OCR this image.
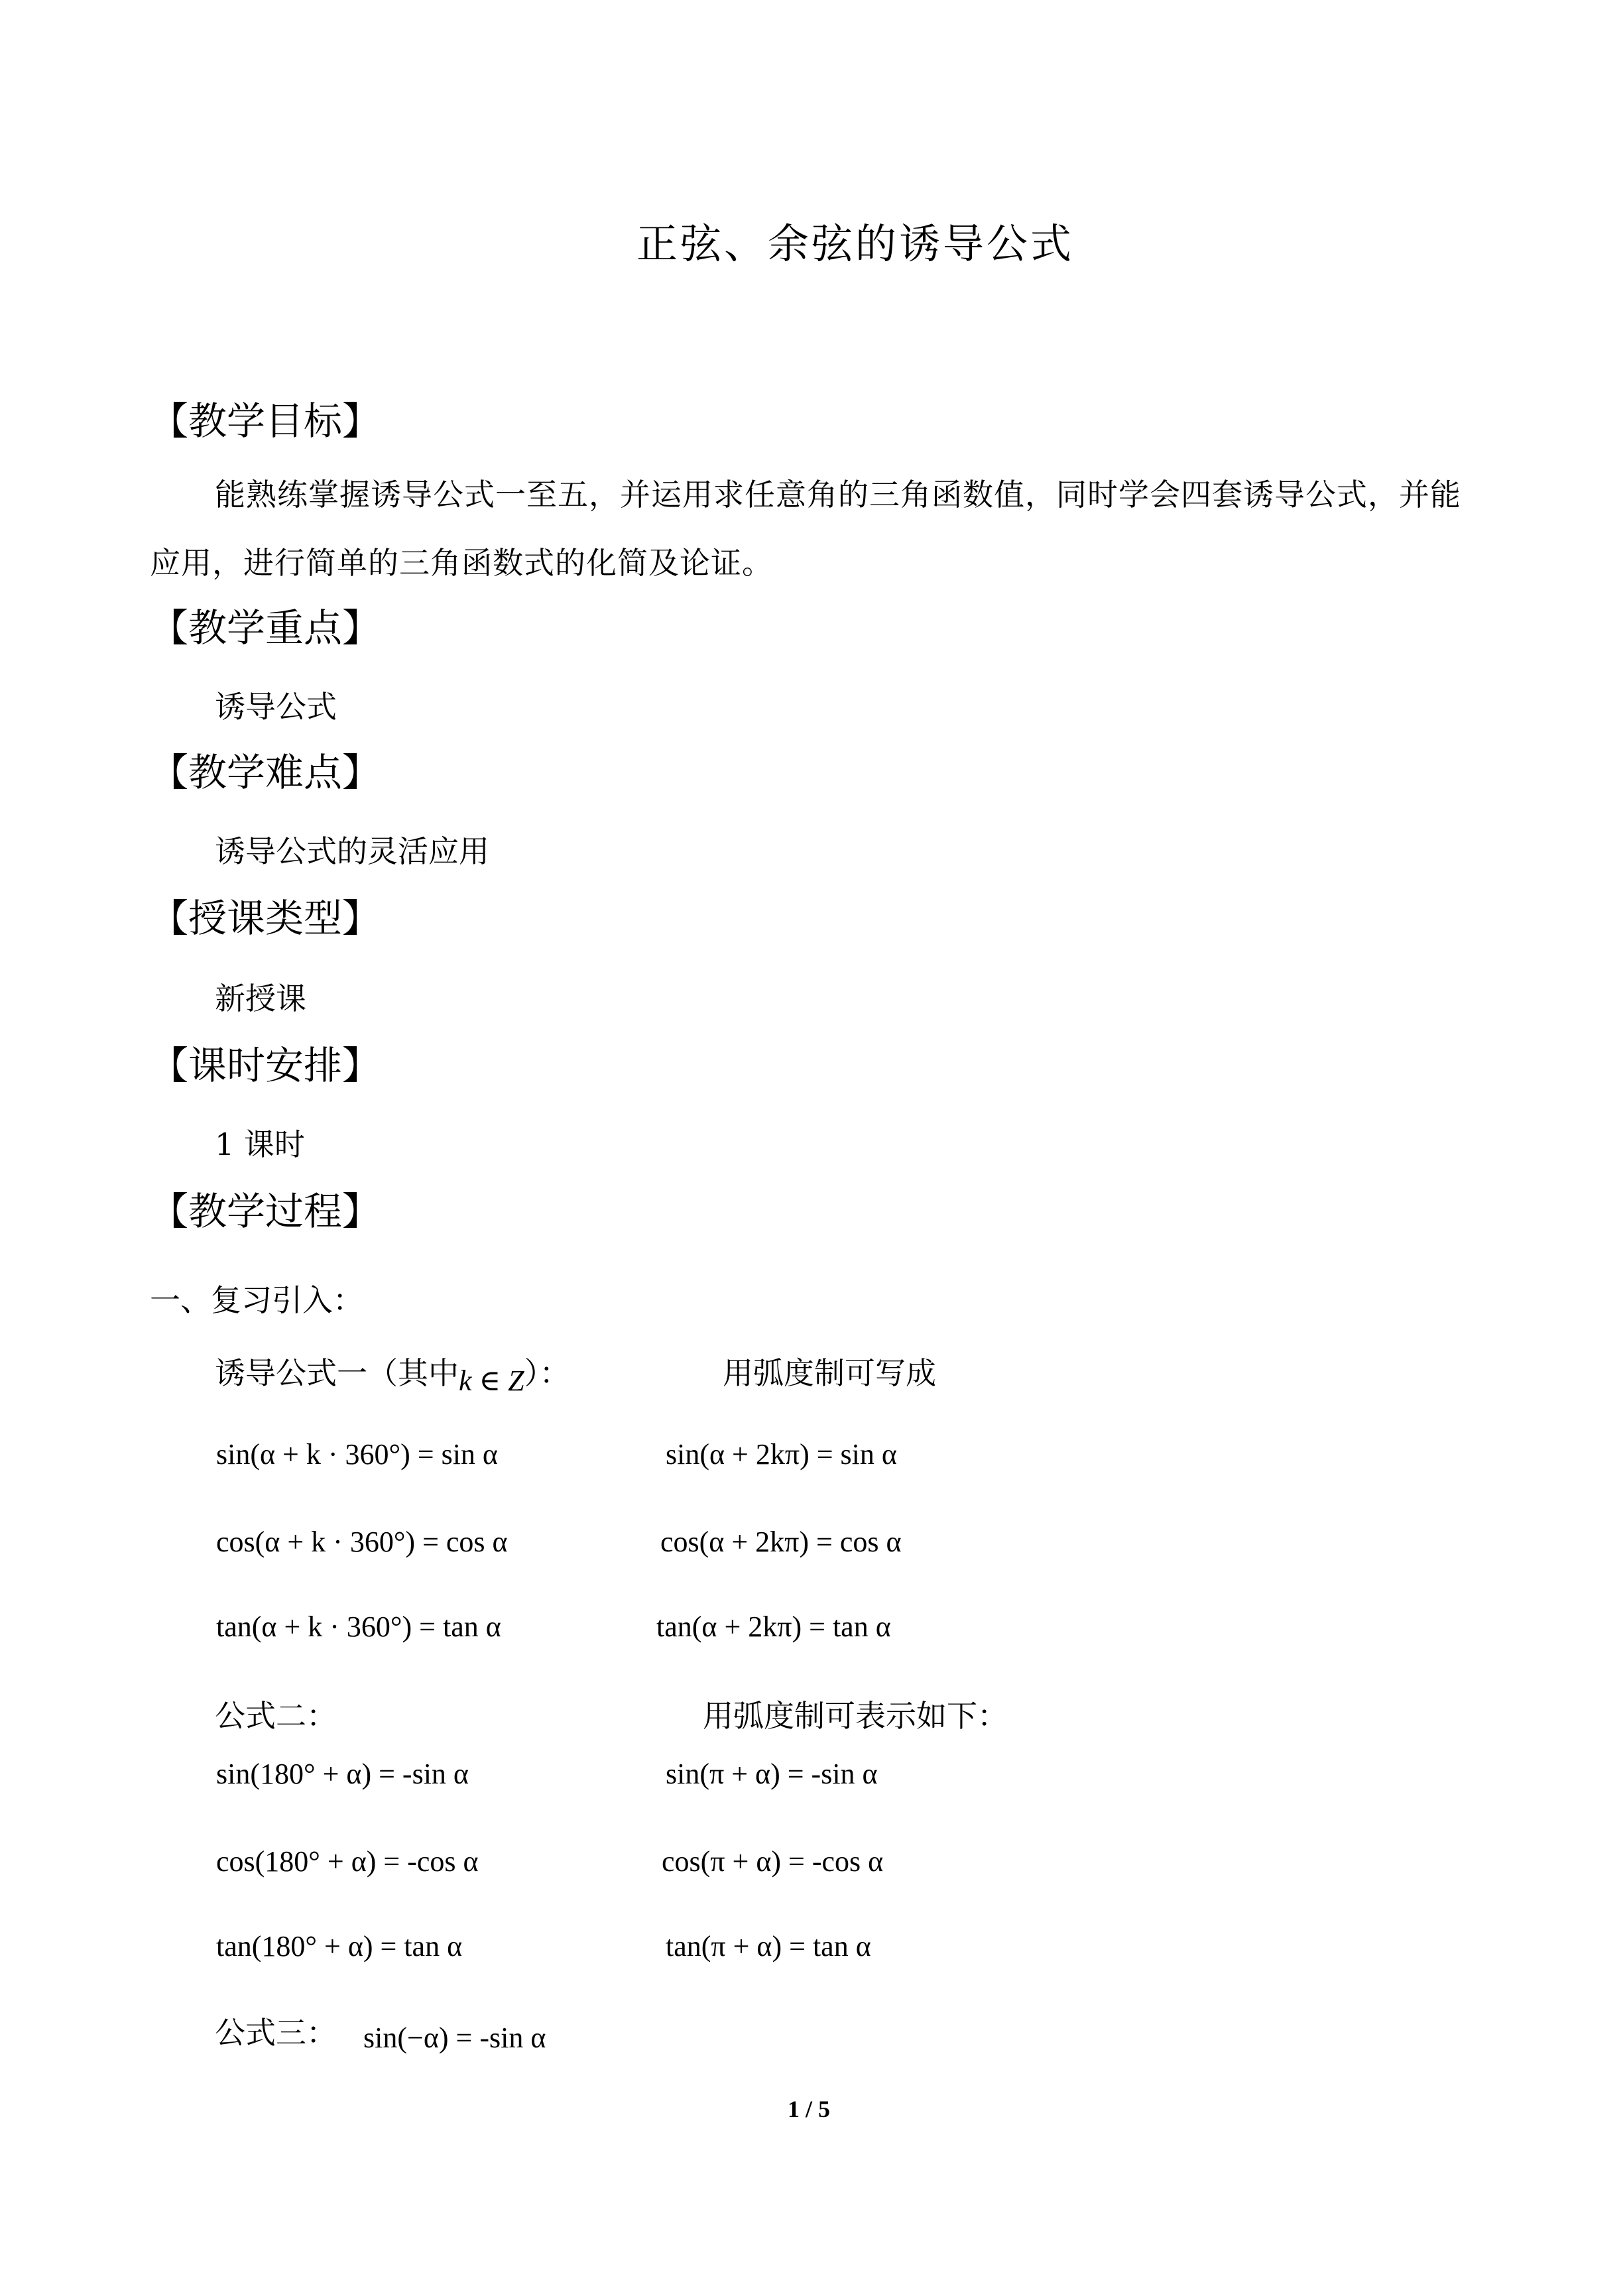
正弦、余弦的诱导公式
【教学目标】
能熟练掌握诱导公式一至五，并运用求任意角的三角函数值，同时学会四套诱导公式，并能应用，进行简单的三角函数式的化简及论证。
【教学重点】
诱导公式
【教学难点】
诱导公式的灵活应用
【授课类型】
新授课
【课时安排】
1 课时
【教学过程】
一、复习引入：
诱导公式一（其中k ∈ Z）：	用弧度制可写成
sin(α + k · 360°) = sin α	sin(α + 2kπ) = sin α
cos(α + k · 360°) = cos α	cos(α + 2kπ) = cos α
tan(α + k · 360°) = tan α	tan(α + 2kπ) = tan α
公式二：	用弧度制可表示如下：
sin(180° + α) = -sin α	sin(π + α) = -sin α
cos(180° + α) = -cos α	cos(π + α) = -cos α
tan(180° + α) = tan α	tan(π + α) = tan α
公式三： sin(−α) = -sin α
1 / 5
